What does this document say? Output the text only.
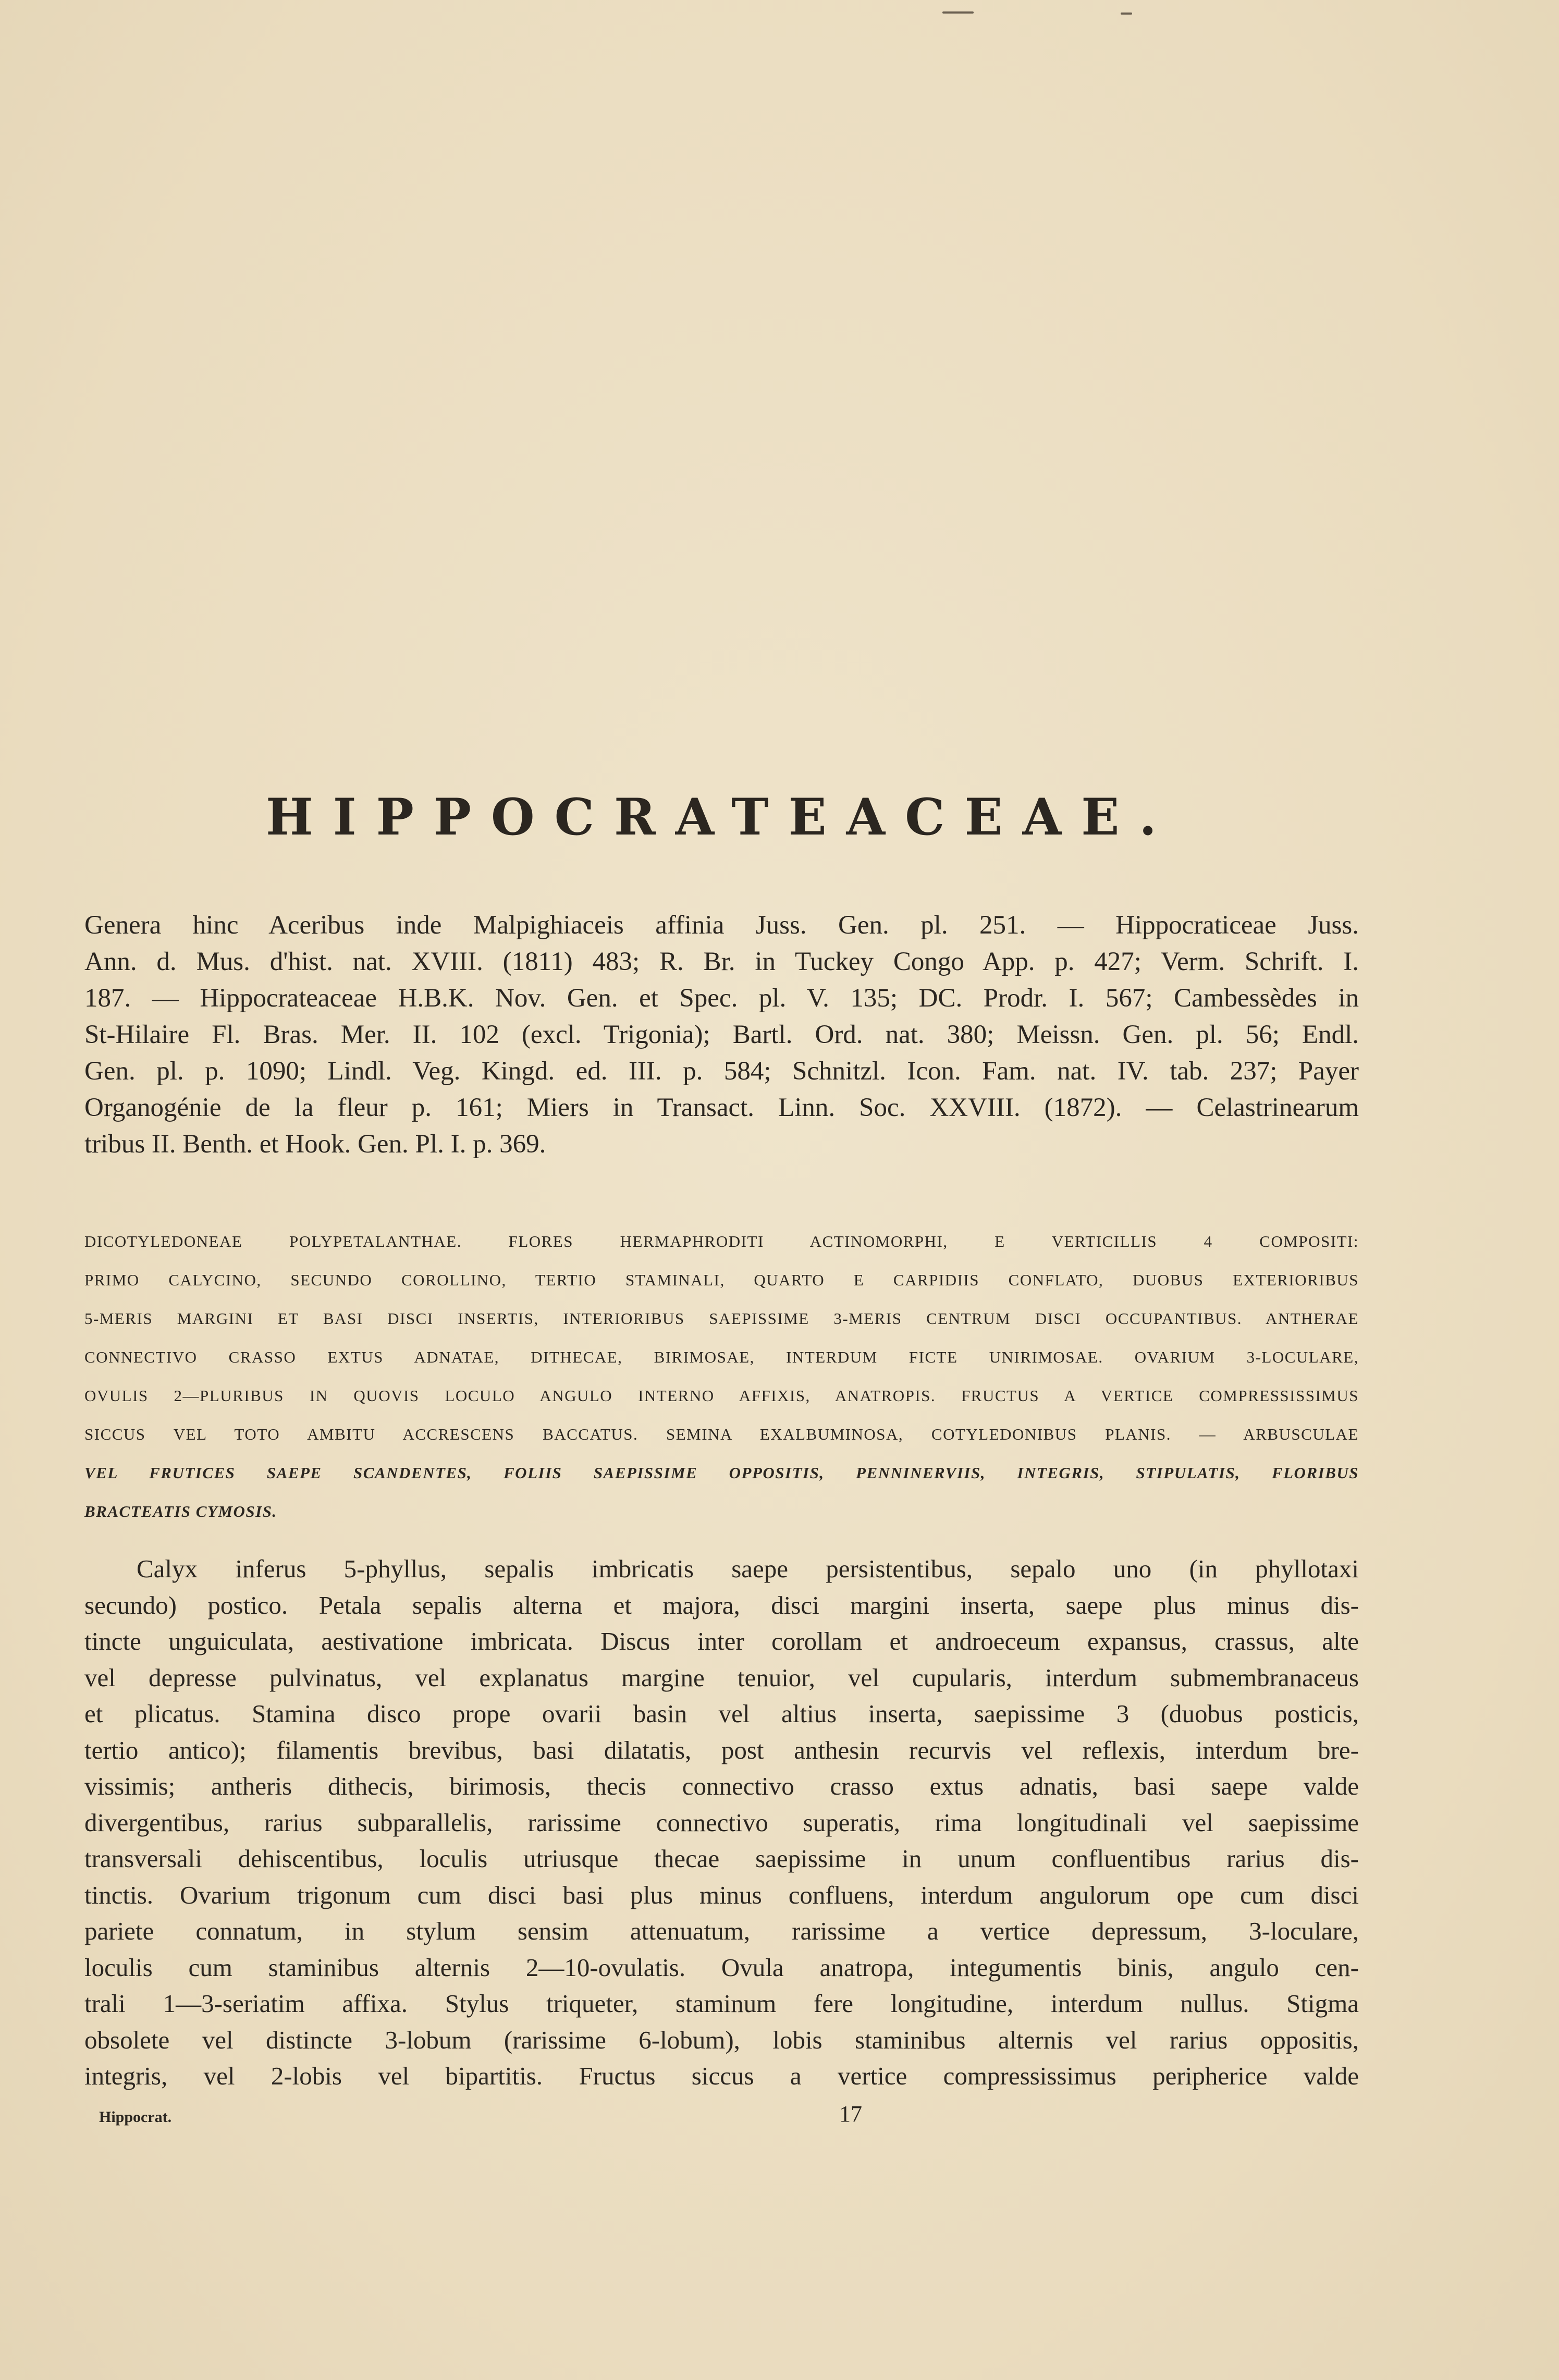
HIPPOCRATEACEAE.
Genera hinc Aceribus inde Malpighiaceis affinia Juss. Gen. pl. 251. — Hippocraticeae Juss.
Ann. d. Mus. d'hist. nat. XVIII. (1811) 483; R. Br. in Tuckey Congo App. p. 427; Verm. Schrift. I.
187. — Hippocrateaceae H.B.K. Nov. Gen. et Spec. pl. V. 135; DC. Prodr. I. 567; Cambessèdes in
St-Hilaire Fl. Bras. Mer. II. 102 (excl. Trigonia); Bartl. Ord. nat. 380; Meissn. Gen. pl. 56; Endl.
Gen. pl. p. 1090; Lindl. Veg. Kingd. ed. III. p. 584; Schnitzl. Icon. Fam. nat. IV. tab. 237; Payer
Organogénie de la fleur p. 161; Miers in Transact. Linn. Soc. XXVIII. (1872). — Celastrinearum
tribus II. Benth. et Hook. Gen. Pl. I. p. 369.
DICOTYLEDONEAE POLYPETALANTHAE. FLORES HERMAPHRODITI ACTINOMORPHI, E VERTICILLIS 4 COMPOSITI:
PRIMO CALYCINO, SECUNDO COROLLINO, TERTIO STAMINALI, QUARTO E CARPIDIIS CONFLATO, DUOBUS EXTERIORIBUS
5-MERIS MARGINI ET BASI DISCI INSERTIS, INTERIORIBUS SAEPISSIME 3-MERIS CENTRUM DISCI OCCUPANTIBUS. ANTHERAE
CONNECTIVO CRASSO EXTUS ADNATAE, DITHECAE, BIRIMOSAE, INTERDUM FICTE UNIRIMOSAE. OVARIUM 3-LOCULARE,
OVULIS 2—PLURIBUS IN QUOVIS LOCULO ANGULO INTERNO AFFIXIS, ANATROPIS. FRUCTUS A VERTICE COMPRESSISSIMUS
SICCUS VEL TOTO AMBITU ACCRESCENS BACCATUS. SEMINA EXALBUMINOSA, COTYLEDONIBUS PLANIS. — ARBUSCULAE
VEL FRUTICES SAEPE SCANDENTES, FOLIIS SAEPISSIME OPPOSITIS, PENNINERVIIS, INTEGRIS, STIPULATIS, FLORIBUS
BRACTEATIS CYMOSIS.
Calyx inferus 5-phyllus, sepalis imbricatis saepe persistentibus, sepalo uno (in phyllotaxi
secundo) postico. Petala sepalis alterna et majora, disci margini inserta, saepe plus minus dis-
tincte unguiculata, aestivatione imbricata. Discus inter corollam et androeceum expansus, crassus, alte
vel depresse pulvinatus, vel explanatus margine tenuior, vel cupularis, interdum submembranaceus
et plicatus. Stamina disco prope ovarii basin vel altius inserta, saepissime 3 (duobus posticis,
tertio antico); filamentis brevibus, basi dilatatis, post anthesin recurvis vel reflexis, interdum bre-
vissimis; antheris dithecis, birimosis, thecis connectivo crasso extus adnatis, basi saepe valde
divergentibus, rarius subparallelis, rarissime connectivo superatis, rima longitudinali vel saepissime
transversali dehiscentibus, loculis utriusque thecae saepissime in unum confluentibus rarius dis-
tinctis. Ovarium trigonum cum disci basi plus minus confluens, interdum angulorum ope cum disci
pariete connatum, in stylum sensim attenuatum, rarissime a vertice depressum, 3-loculare,
loculis cum staminibus alternis 2—10-ovulatis. Ovula anatropa, integumentis binis, angulo cen-
trali 1—3-seriatim affixa. Stylus triqueter, staminum fere longitudine, interdum nullus. Stigma
obsolete vel distincte 3-lobum (rarissime 6-lobum), lobis staminibus alternis vel rarius oppositis,
integris, vel 2-lobis vel bipartitis. Fructus siccus a vertice compressissimus peripherice valde
Hippocrat.	17
